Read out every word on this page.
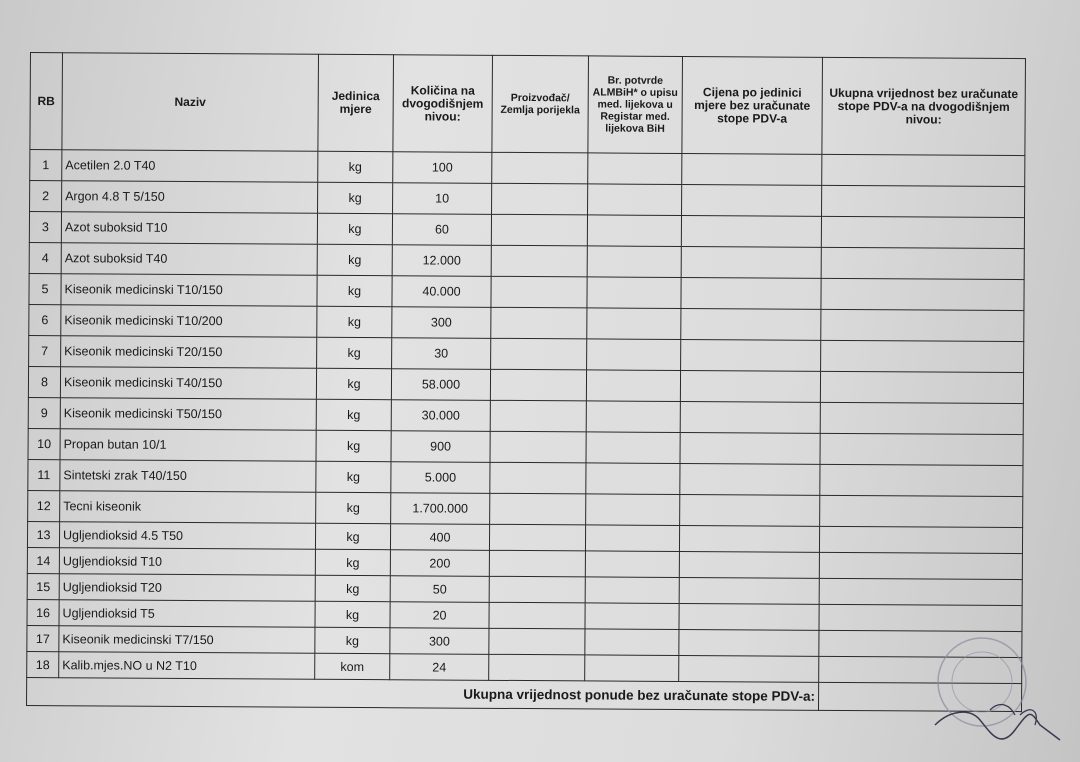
RB	Naziv	Jedinica mjere	Količina na dvogodišnjem nivou:	Proizvođač/ Zemlja porijekla	Br. potvrde ALMBiH* o upisu med. lijekova u Registar med. lijekova BiH	Cijena po jedinici mjere bez uračunate stope PDV-a	Ukupna vrijednost bez uračunate stope PDV-a na dvogodišnjem nivou:
1	Acetilen 2.0 T40	kg	100				
2	Argon 4.8 T 5/150	kg	10				
3	Azot suboksid T10	kg	60				
4	Azot suboksid T40	kg	12.000				
5	Kiseonik medicinski T10/150	kg	40.000				
6	Kiseonik medicinski T10/200	kg	300				
7	Kiseonik medicinski T20/150	kg	30				
8	Kiseonik medicinski T40/150	kg	58.000				
9	Kiseonik medicinski T50/150	kg	30.000				
10	Propan butan 10/1	kg	900				
11	Sintetski zrak T40/150	kg	5.000				
12	Tecni kiseonik	kg	1.700.000				
13	Ugljendioksid 4.5 T50	kg	400				
14	Ugljendioksid T10	kg	200				
15	Ugljendioksid T20	kg	50				
16	Ugljendioksid T5	kg	20				
17	Kiseonik medicinski T7/150	kg	300				
18	Kalib.mjes.NO u N2 T10	kom	24				
Ukupna vrijednost ponude bez uračunate stope PDV-a:							
